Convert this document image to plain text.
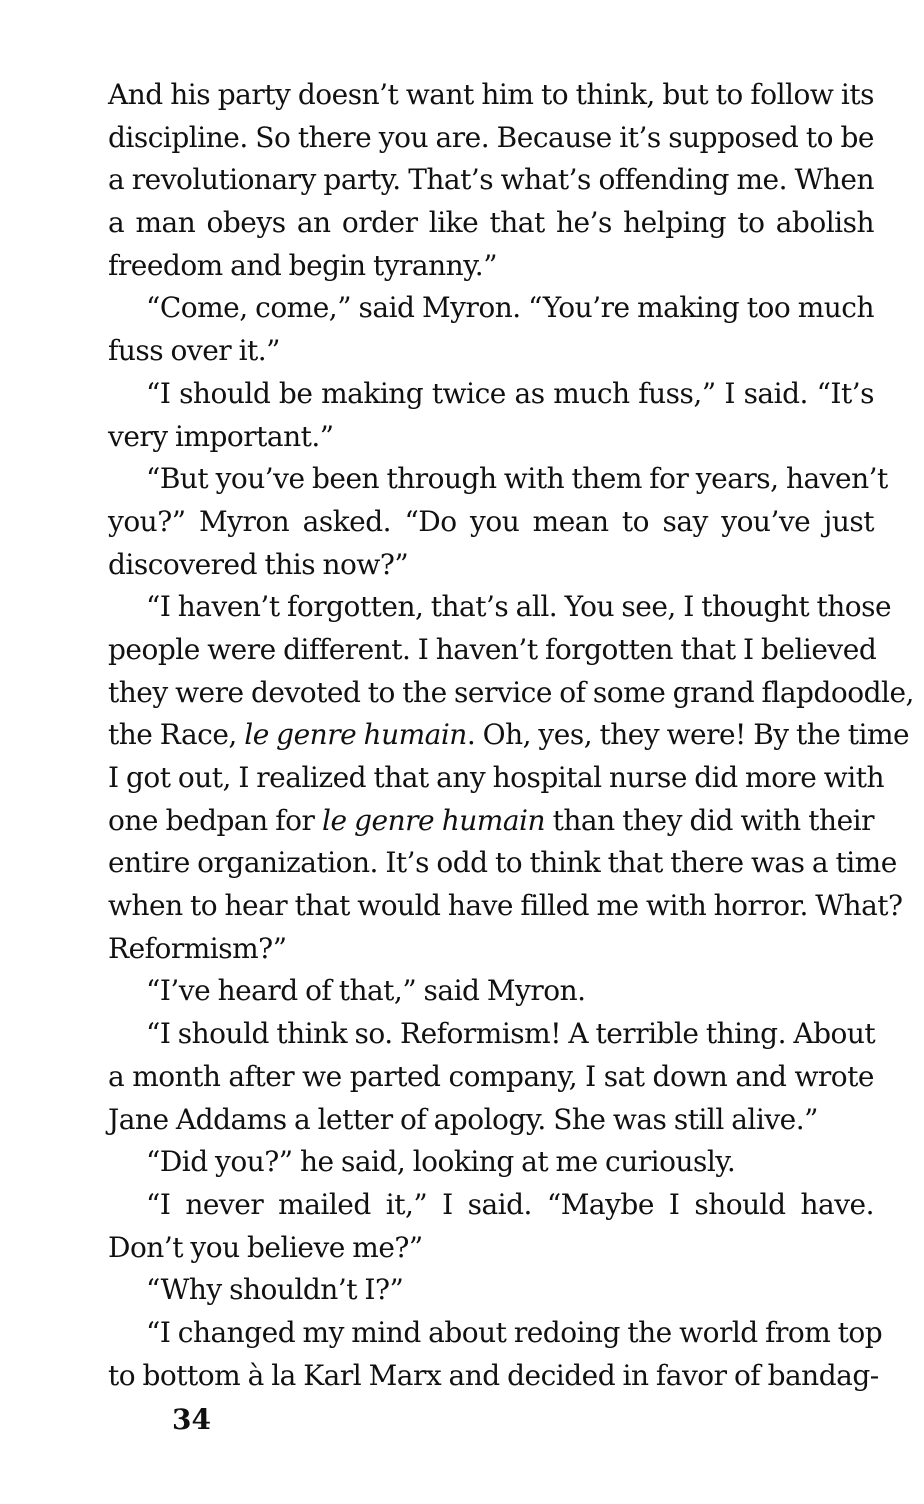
And his party doesn’t want him to think, but to follow its
discipline. So there you are. Because it’s supposed to be
a revolutionary party. That’s what’s offending me. When
a man obeys an order like that he’s helping to abolish
freedom and begin tyranny.”
“Come, come,” said Myron. “You’re making too much
fuss over it.”
“I should be making twice as much fuss,” I said. “It’s
very important.”
“But you’ve been through with them for years, haven’t
you?” Myron asked. “Do you mean to say you’ve just
discovered this now?”
“I haven’t forgotten, that’s all. You see, I thought those
people were different. I haven’t forgotten that I believed
they were devoted to the service of some grand flapdoodle,
the Race, le genre humain. Oh, yes, they were! By the time
I got out, I realized that any hospital nurse did more with
one bedpan for le genre humain than they did with their
entire organization. It’s odd to think that there was a time
when to hear that would have filled me with horror. What?
Reformism?”
“I’ve heard of that,” said Myron.
“I should think so. Reformism! A terrible thing. About
a month after we parted company, I sat down and wrote
Jane Addams a letter of apology. She was still alive.”
“Did you?” he said, looking at me curiously.
“I never mailed it,” I said. “Maybe I should have.
Don’t you believe me?”
“Why shouldn’t I?”
“I changed my mind about redoing the world from top
to bottom à la Karl Marx and decided in favor of bandag-
34
